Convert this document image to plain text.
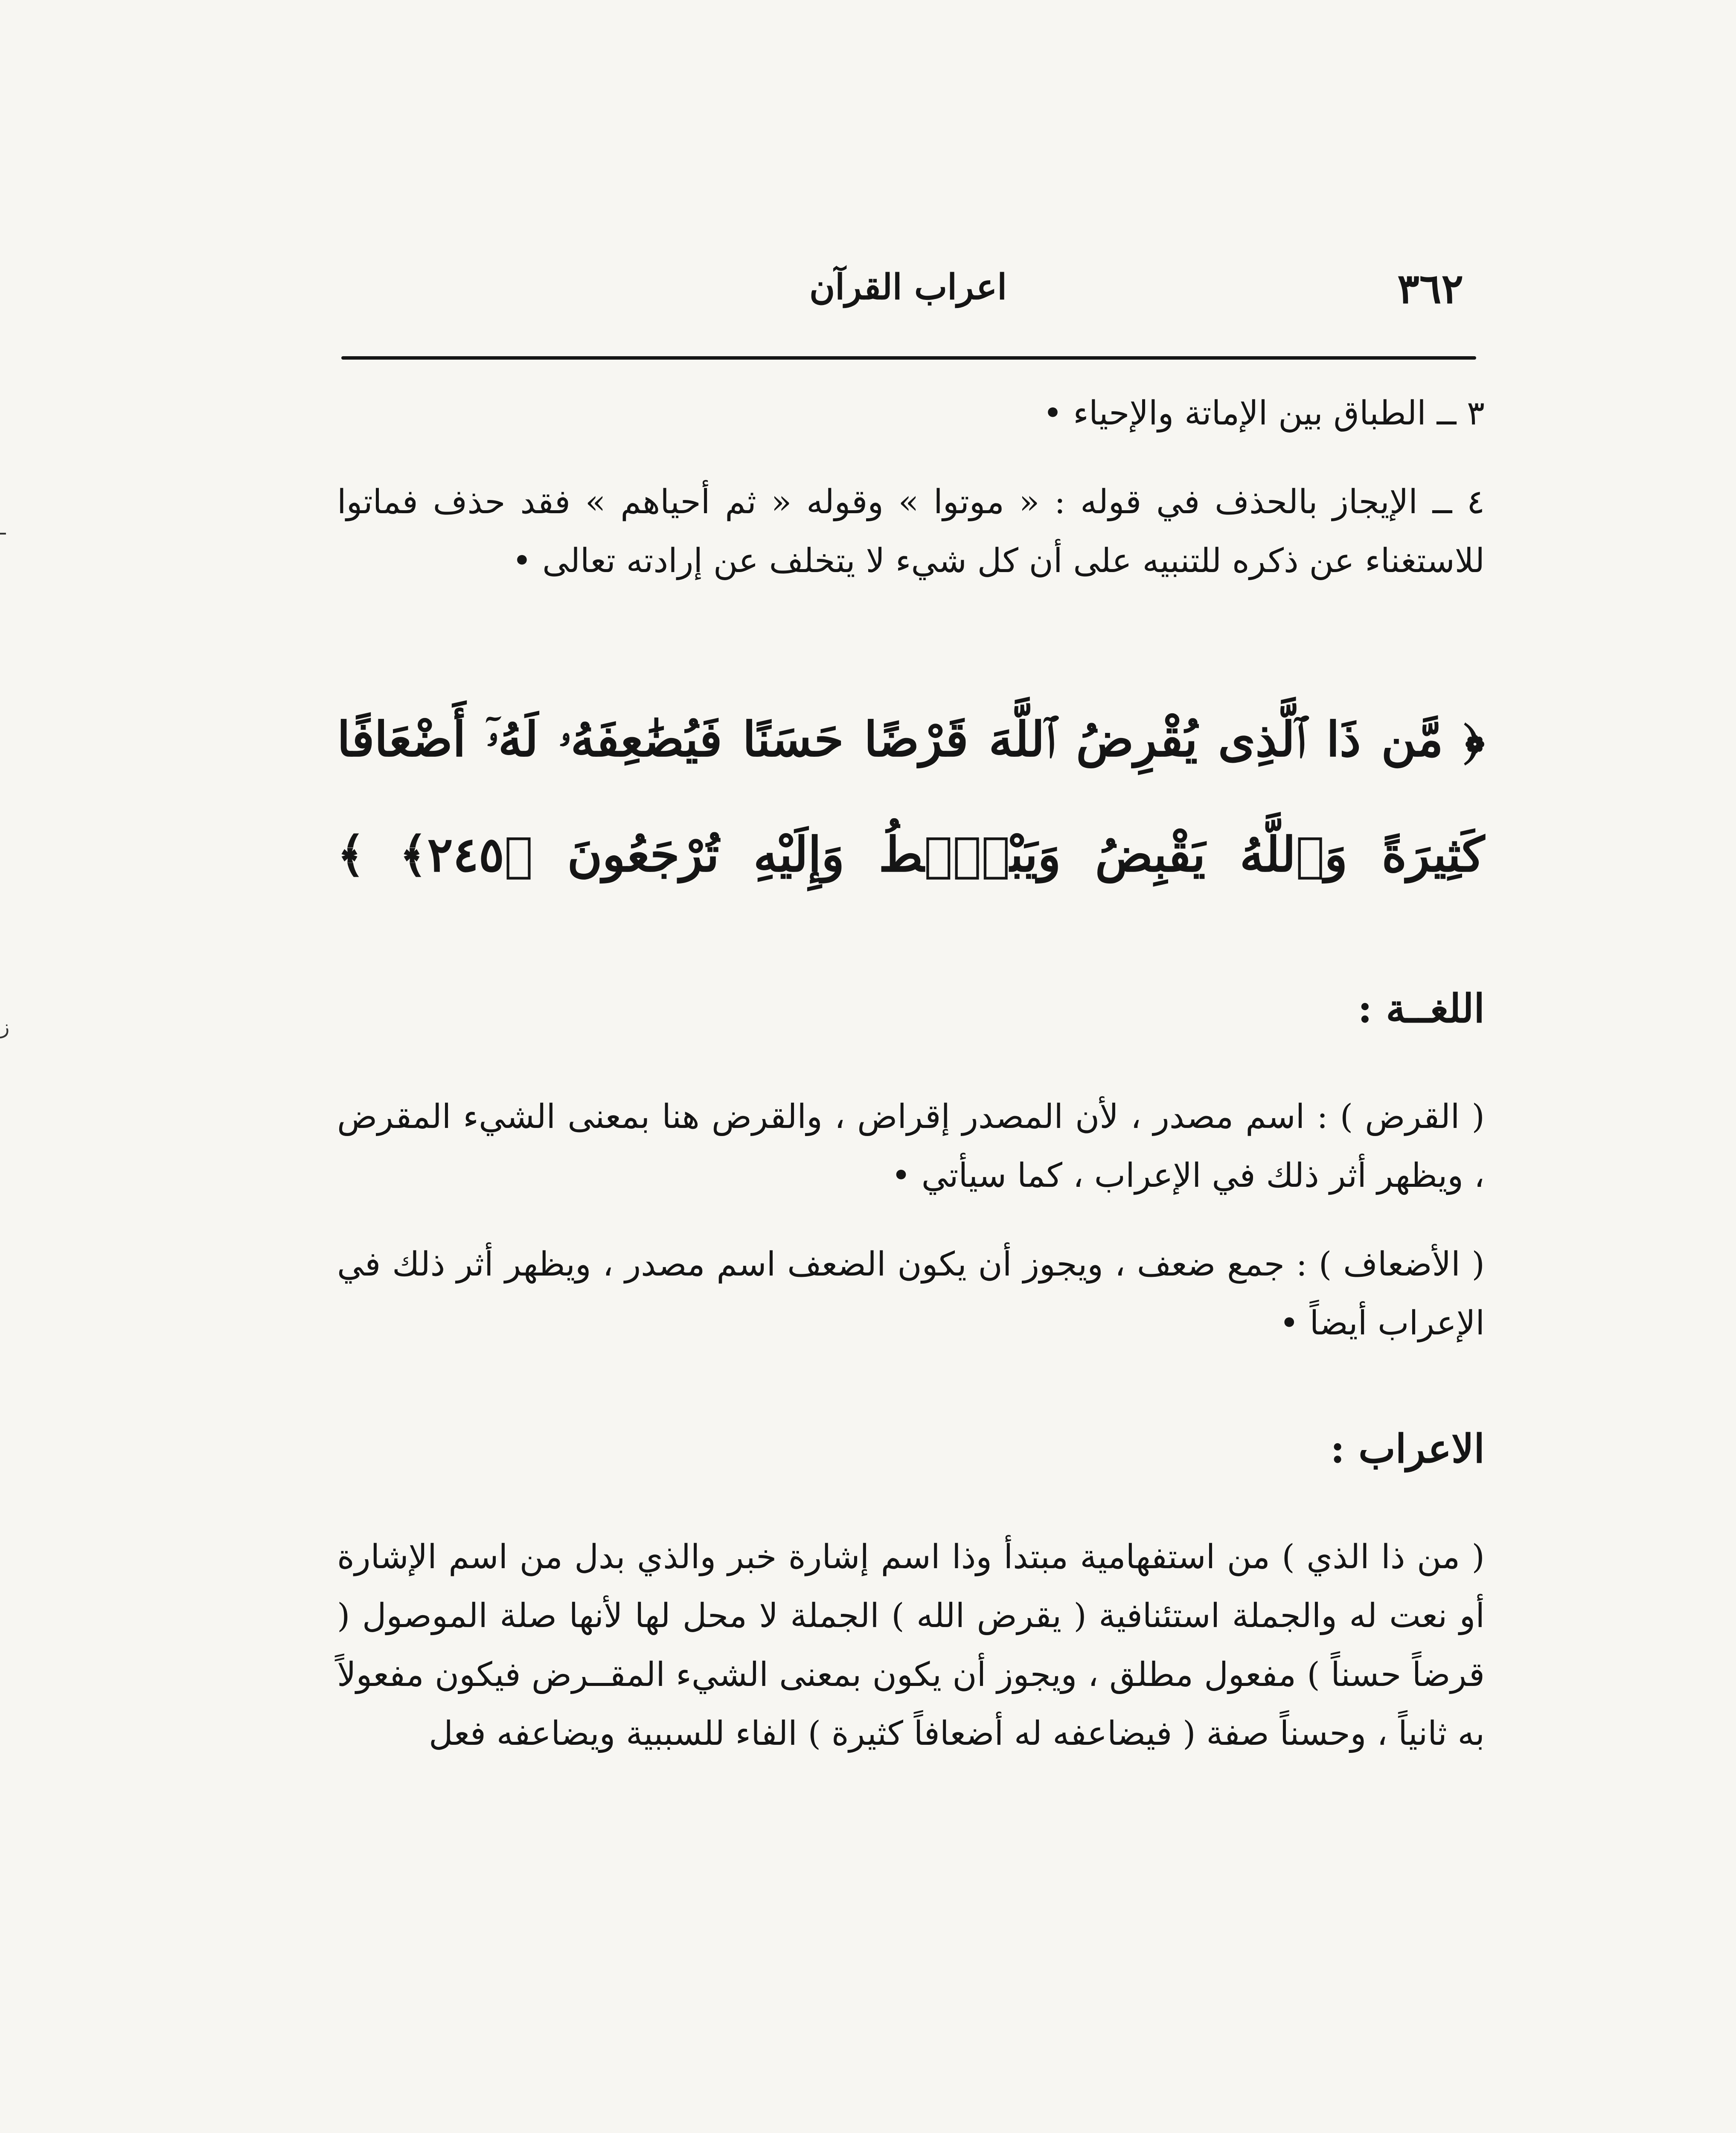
٣٦٢
اعراب القرآن

٣ ــ الطباق بين الإماتة والإحياء •

٤ ــ الإيجاز بالحذف في قوله : « موتوا » وقوله « ثم أحياهم » فقد حذف فماتوا للاستغناء عن ذكره للتنبيه على أن كل شيء لا يتخلف عن إرادته تعالى •

﴿ مَّن ذَا ٱلَّذِى يُقْرِضُ ٱللَّهَ قَرْضًا حَسَنًا فَيُضَٰعِفَهُۥ لَهُۥٓ أَضْعَافًا
كَثِيرَةً وَٱللَّهُ يَقْبِضُ وَيَبْصُۜطُ وَإِلَيْهِ تُرْجَعُونَ ﴿٢٤٥﴾ ﴾
اللغــة :

( القرض ) : اسم مصدر ، لأن المصدر إقراض ، والقرض هنا بمعنى الشيء المقرض ، ويظهر أثر ذلك في الإعراب ، كما سيأتي •

( الأضعاف ) : جمع ضعف ، ويجوز أن يكون الضعف اسم مصدر ، ويظهر أثر ذلك في الإعراب أيضاً •

الاعراب :

( من ذا الذي ) من استفهامية مبتدأ وذا اسم إشارة خبر والذي بدل من اسم الإشارة أو نعت له والجملة استئنافية ( يقرض الله ) الجملة لا محل لها لأنها صلة الموصول ( قرضاً حسناً ) مفعول مطلق ، ويجوز أن يكون بمعنى الشيء المقــرض فيكون مفعولاً به ثانياً ، وحسناً صفة ( فيضاعفه له أضعافاً كثيرة ) الفاء للسببية ويضاعفه فعل

ـ
ﺯ
